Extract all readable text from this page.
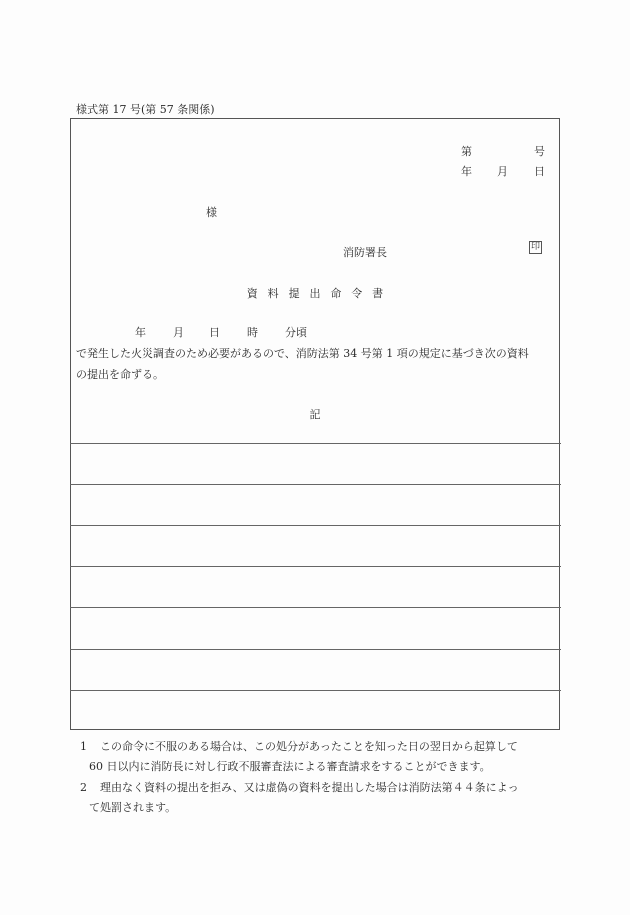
様式第 17 号(第 57 条関係)
第	号
年 月 日
様
消防署長	印
資料提出命令書
年 月 日 時 分頃
で発生した火災調査のため必要があるので、消防法第 34 号第 1 項の規定に基づき次の資料
の提出を命ずる。
記
1 この命令に不服のある場合は、この処分があったことを知った日の翌日から起算して
60 日以内に消防長に対し行政不服審査法による審査請求をすることができます。
2 理由なく資料の提出を拒み、又は虚偽の資料を提出した場合は消防法第４４条によっ
て処罰されます。
